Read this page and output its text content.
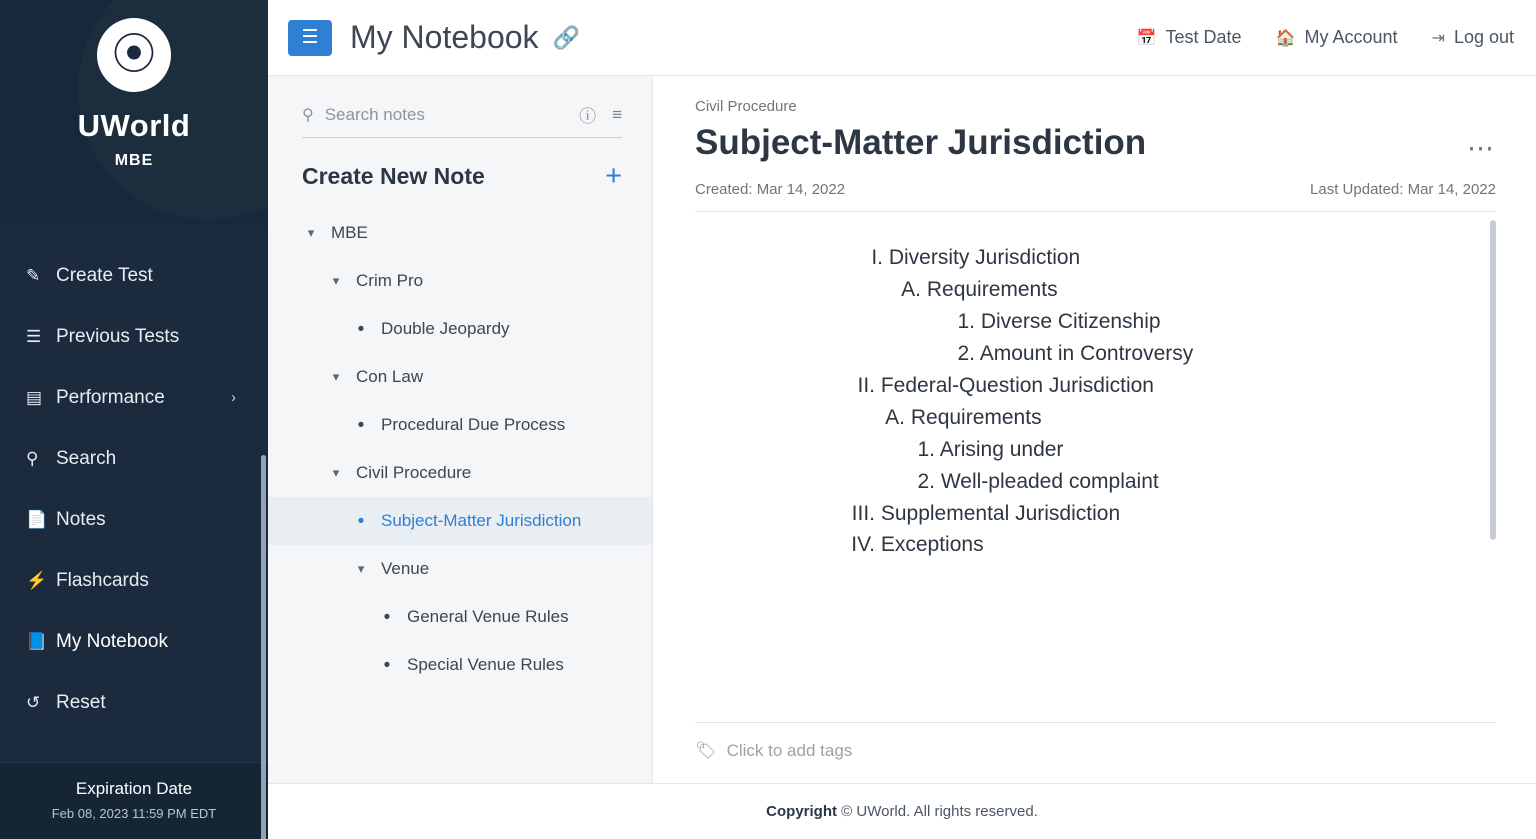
⦿
UWorld
MBE
✎ Create Test
☰ Previous Tests
▤ Performance	›
⚲ Search
📄 Notes
⚡ Flashcards
📘 My Notebook
↺ Reset
Expiration Date
Feb 08, 2023 11:59 PM EDT
☰ My Notebook 🔗	📅 Test Date 🏠 My Account ⇥ Log out
⚲
Search notes	ⓘ ≡
Create New Note	+
▾ MBE
▾ Crim Pro
• Double Jeopardy
▾ Con Law
• Procedural Due Process
▾ Civil Procedure
• Subject-Matter Jurisdiction
▾ Venue
• General Venue Rules
• Special Venue Rules
Civil Procedure
Subject-Matter Jurisdiction	⋯
Created: Mar 14, 2022	Last Updated: Mar 14, 2022
I. Diversity Jurisdiction
A. Requirements
1. Diverse Citizenship
2. Amount in Controversy
II. Federal-Question Jurisdiction
A. Requirements
1. Arising under
2. Well-pleaded complaint
III. Supplemental Jurisdiction
IV. Exceptions
🏷 Click to add tags
Copyright
© UWorld. All rights reserved.
